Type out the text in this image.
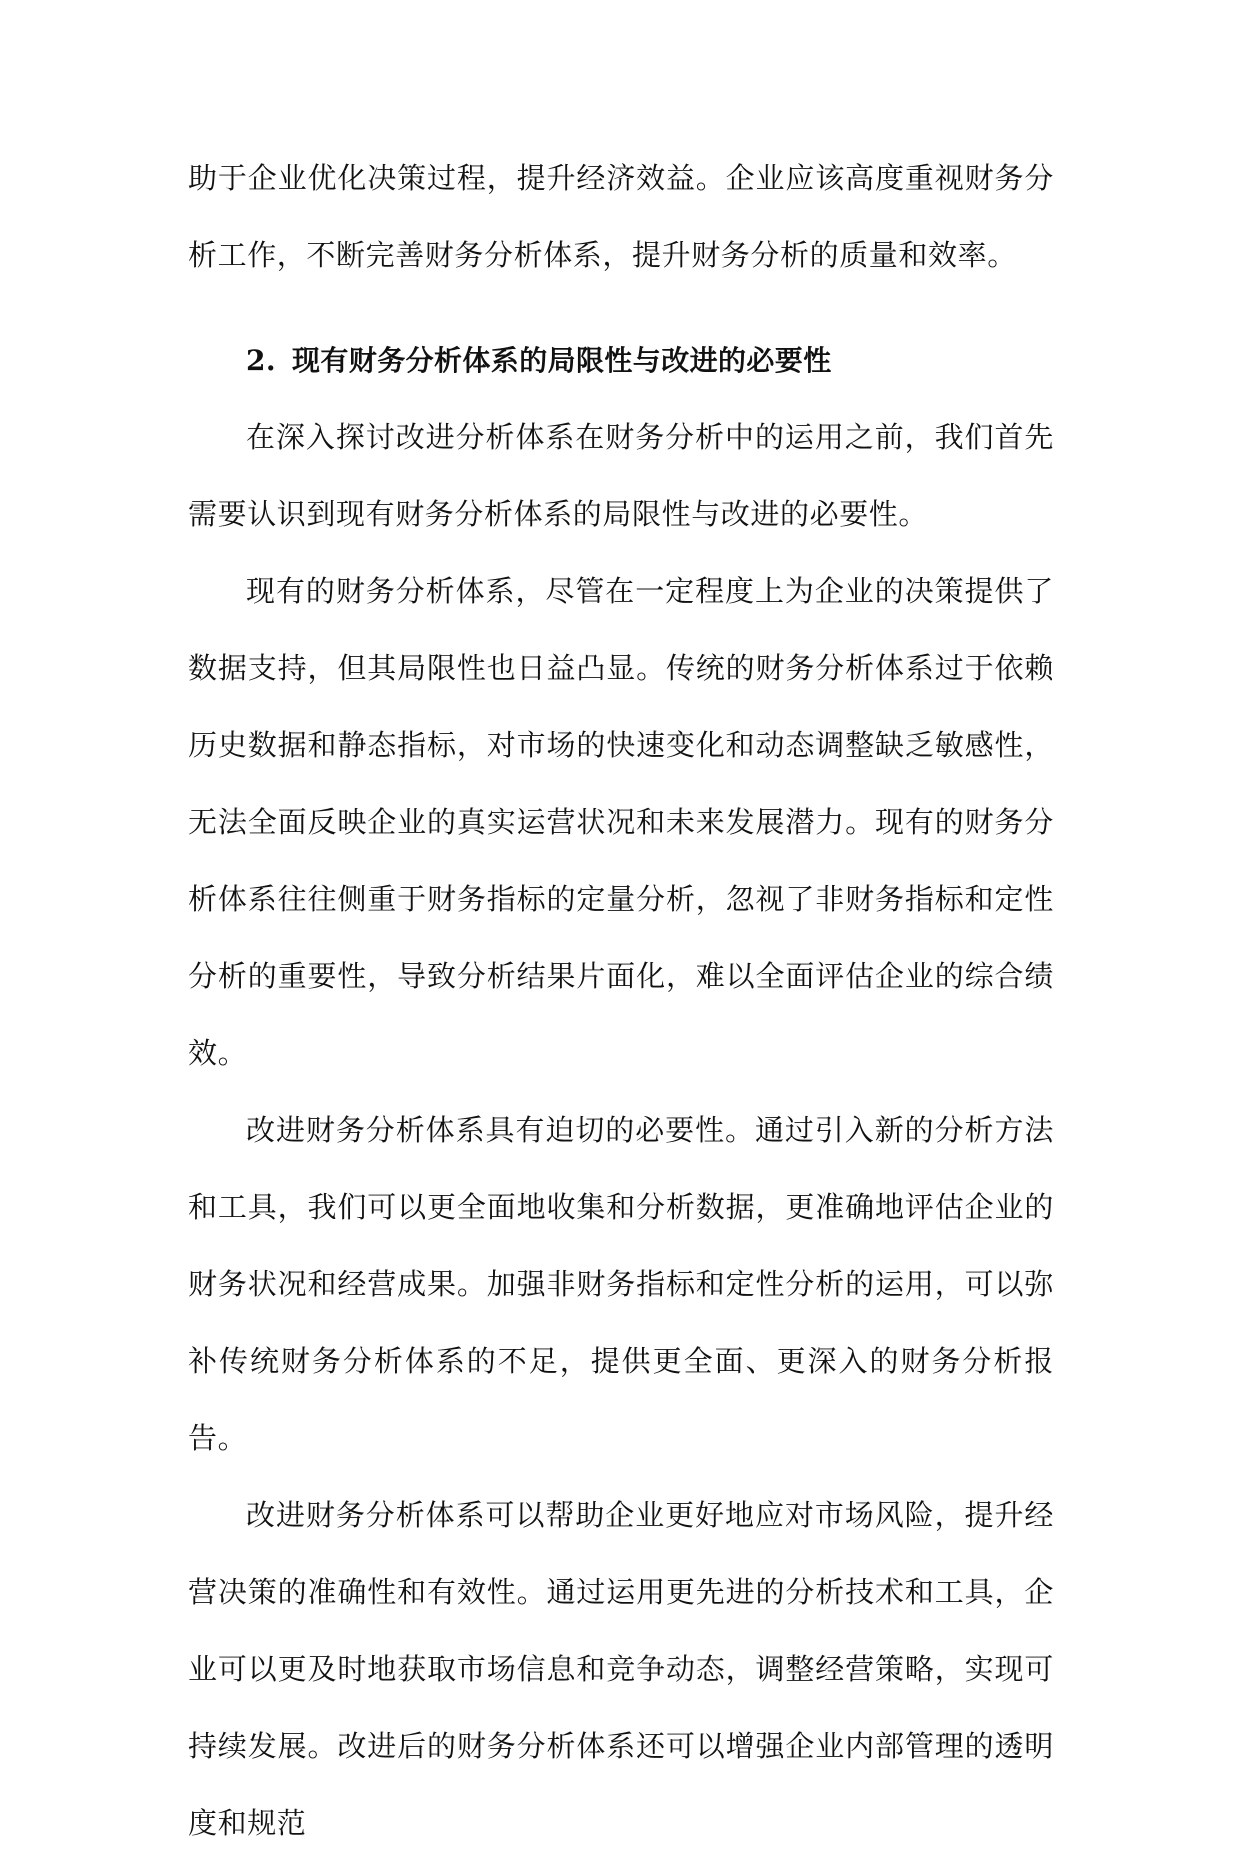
助于企业优化决策过程，提升经济效益。企业应该高度重视财务分析工作，不断完善财务分析体系，提升财务分析的质量和效率。

2. 现有财务分析体系的局限性与改进的必要性

在深入探讨改进分析体系在财务分析中的运用之前，我们首先需要认识到现有财务分析体系的局限性与改进的必要性。

现有的财务分析体系，尽管在一定程度上为企业的决策提供了数据支持，但其局限性也日益凸显。传统的财务分析体系过于依赖历史数据和静态指标，对市场的快速变化和动态调整缺乏敏感性，无法全面反映企业的真实运营状况和未来发展潜力。现有的财务分析体系往往侧重于财务指标的定量分析，忽视了非财务指标和定性分析的重要性，导致分析结果片面化，难以全面评估企业的综合绩效。

改进财务分析体系具有迫切的必要性。通过引入新的分析方法和工具，我们可以更全面地收集和分析数据，更准确地评估企业的财务状况和经营成果。加强非财务指标和定性分析的运用，可以弥补传统财务分析体系的不足，提供更全面、更深入的财务分析报告。

改进财务分析体系可以帮助企业更好地应对市场风险，提升经营决策的准确性和有效性。通过运用更先进的分析技术和工具，企业可以更及时地获取市场信息和竞争动态，调整经营策略，实现可持续发展。改进后的财务分析体系还可以增强企业内部管理的透明度和规范
